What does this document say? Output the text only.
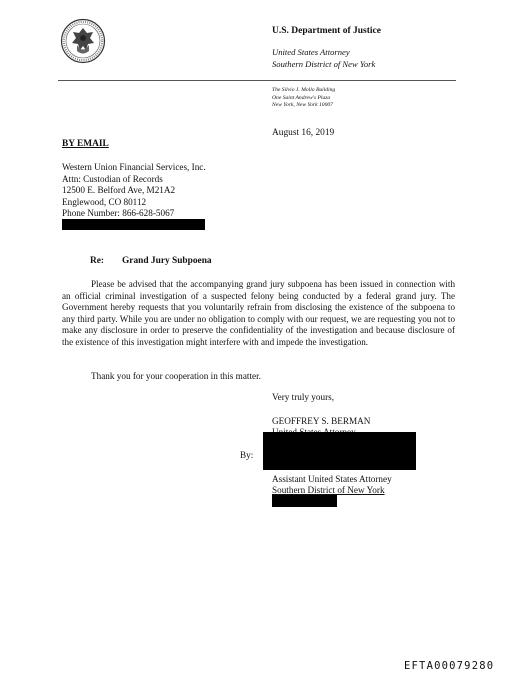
U.S. Department of Justice
United States Attorney
Southern District of New York
The Silvio J. Mollo Building
One Saint Andrew's Plaza
New York, New York 10007
August 16, 2019
BY EMAIL
Western Union Financial Services, Inc.
Attn: Custodian of Records
12500 E. Belford Ave, M21A2
Englewood, CO 80112
Phone Number: 866-628-5067
Re: Grand Jury Subpoena

Please be advised that the accompanying grand jury subpoena has been issued in connection with an official criminal investigation of a suspected felony being conducted by a federal grand jury. The Government hereby requests that you voluntarily refrain from disclosing the existence of the subpoena to any third party. While you are under no obligation to comply with our request, we are requesting you not to make any disclosure in order to preserve the confidentiality of the investigation and because disclosure of the existence of this investigation might interfere with and impede the investigation.

Thank you for your cooperation in this matter.
Very truly yours,
GEOFFREY S. BERMAN
By:
Assistant United States Attorney
Southern District of New York
EFTA00079280
